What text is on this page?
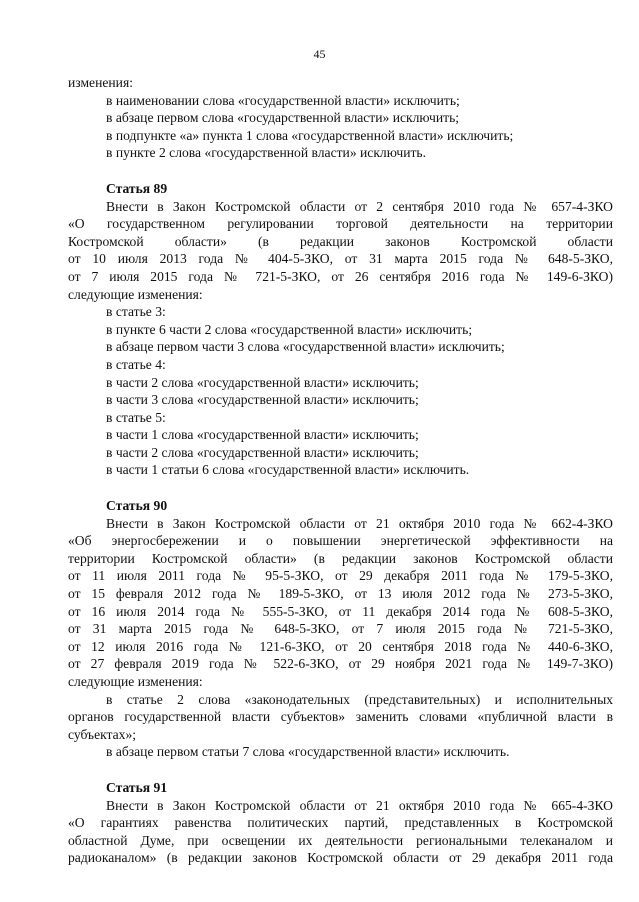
45
изменения:
в наименовании слова «государственной власти» исключить;
в абзаце первом слова «государственной власти» исключить;
в подпункте «а» пункта 1 слова «государственной власти» исключить;
в пункте 2 слова «государственной власти» исключить.
Статья 89
Внести в Закон Костромской области от 2 сентября 2010 года № 657-4-ЗКО
«О государственном регулировании торговой деятельности на территории
Костромской области» (в редакции законов Костромской области
от 10 июля 2013 года № 404-5-ЗКО, от 31 марта 2015 года № 648-5-ЗКО,
от 7 июля 2015 года № 721-5-ЗКО, от 26 сентября 2016 года № 149-6-ЗКО)
следующие изменения:
в статье 3:
в пункте 6 части 2 слова «государственной власти» исключить;
в абзаце первом части 3 слова «государственной власти» исключить;
в статье 4:
в части 2 слова «государственной власти» исключить;
в части 3 слова «государственной власти» исключить;
в статье 5:
в части 1 слова «государственной власти» исключить;
в части 2 слова «государственной власти» исключить;
в части 1 статьи 6 слова «государственной власти» исключить.
Статья 90
Внести в Закон Костромской области от 21 октября 2010 года № 662-4-ЗКО
«Об энергосбережении и о повышении энергетической эффективности на
территории Костромской области» (в редакции законов Костромской области
от 11 июля 2011 года № 95-5-ЗКО, от 29 декабря 2011 года № 179-5-ЗКО,
от 15 февраля 2012 года № 189-5-ЗКО, от 13 июля 2012 года № 273-5-ЗКО,
от 16 июля 2014 года № 555-5-ЗКО, от 11 декабря 2014 года № 608-5-ЗКО,
от 31 марта 2015 года № 648-5-ЗКО, от 7 июля 2015 года № 721-5-ЗКО,
от 12 июля 2016 года № 121-6-ЗКО, от 20 сентября 2018 года № 440-6-ЗКО,
от 27 февраля 2019 года № 522-6-ЗКО, от 29 ноября 2021 года № 149-7-ЗКО)
следующие изменения:
в статье 2 слова «законодательных (представительных) и исполнительных
органов государственной власти субъектов» заменить словами «публичной власти в
субъектах»;
в абзаце первом статьи 7 слова «государственной власти» исключить.
Статья 91
Внести в Закон Костромской области от 21 октября 2010 года № 665-4-ЗКО
«О гарантиях равенства политических партий, представленных в Костромской
областной Думе, при освещении их деятельности региональными телеканалом и
радиоканалом» (в редакции законов Костромской области от 29 декабря 2011 года
